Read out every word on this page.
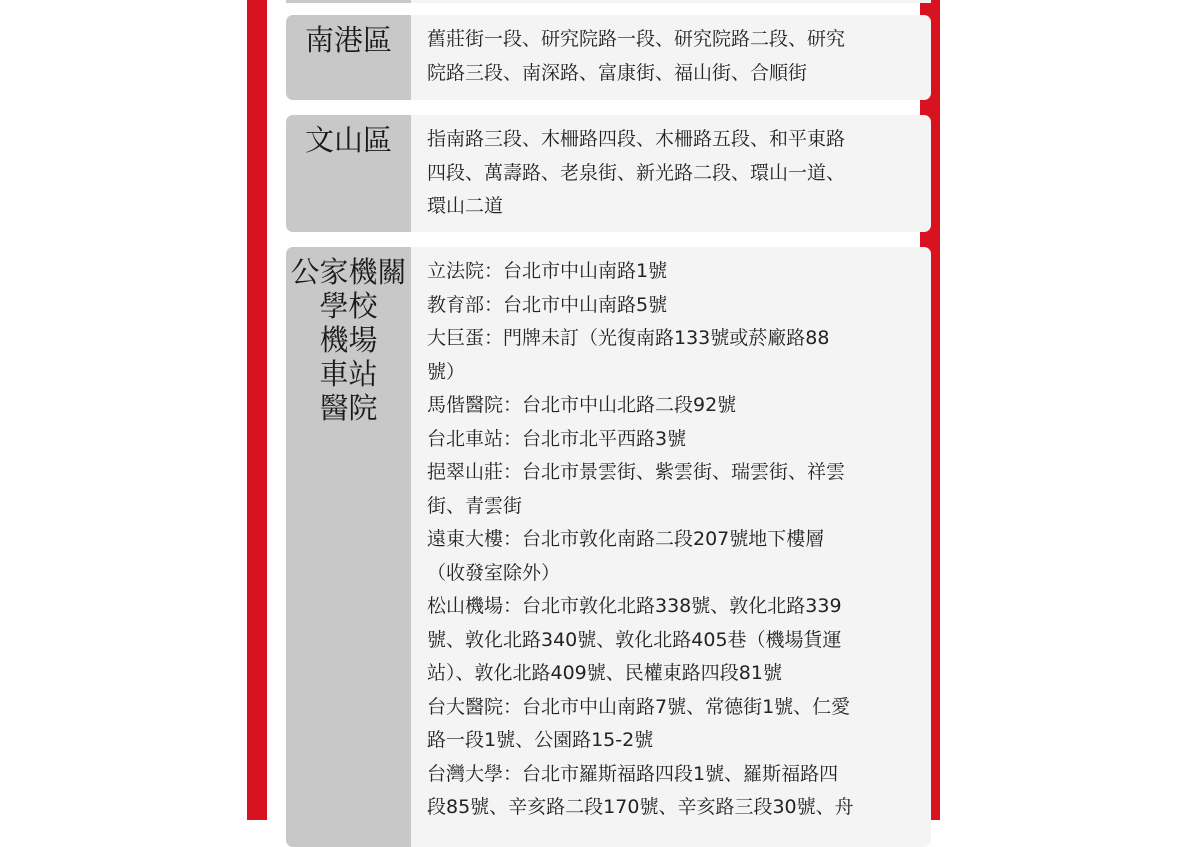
南港區	舊莊街一段、研究院路一段、研究院路二段、研究
院路三段、南深路、富康街、福山街、合順街
文山區	指南路三段、木柵路四段、木柵路五段、和平東路
四段、萬壽路、老泉街、新光路二段、環山一道、
環山二道
公家機關
學校
機場
車站
醫院
立法院：台北市中山南路1號
教育部：台北市中山南路5號
大巨蛋：門牌未訂（光復南路133號或菸廠路88
號）
馬偕醫院：台北市中山北路二段92號
台北車站：台北市北平西路3號
挹翠山莊：台北市景雲街、紫雲街、瑞雲街、祥雲
街、青雲街
遠東大樓：台北市敦化南路二段207號地下樓層
（收發室除外）
松山機場：台北市敦化北路338號、敦化北路339
號、敦化北路340號、敦化北路405巷（機場貨運
站）、敦化北路409號、民權東路四段81號
台大醫院：台北市中山南路7號、常德街1號、仁愛
路一段1號、公園路15-2號
台灣大學：台北市羅斯福路四段1號、羅斯福路四
段85號、辛亥路二段170號、辛亥路三段30號、舟
